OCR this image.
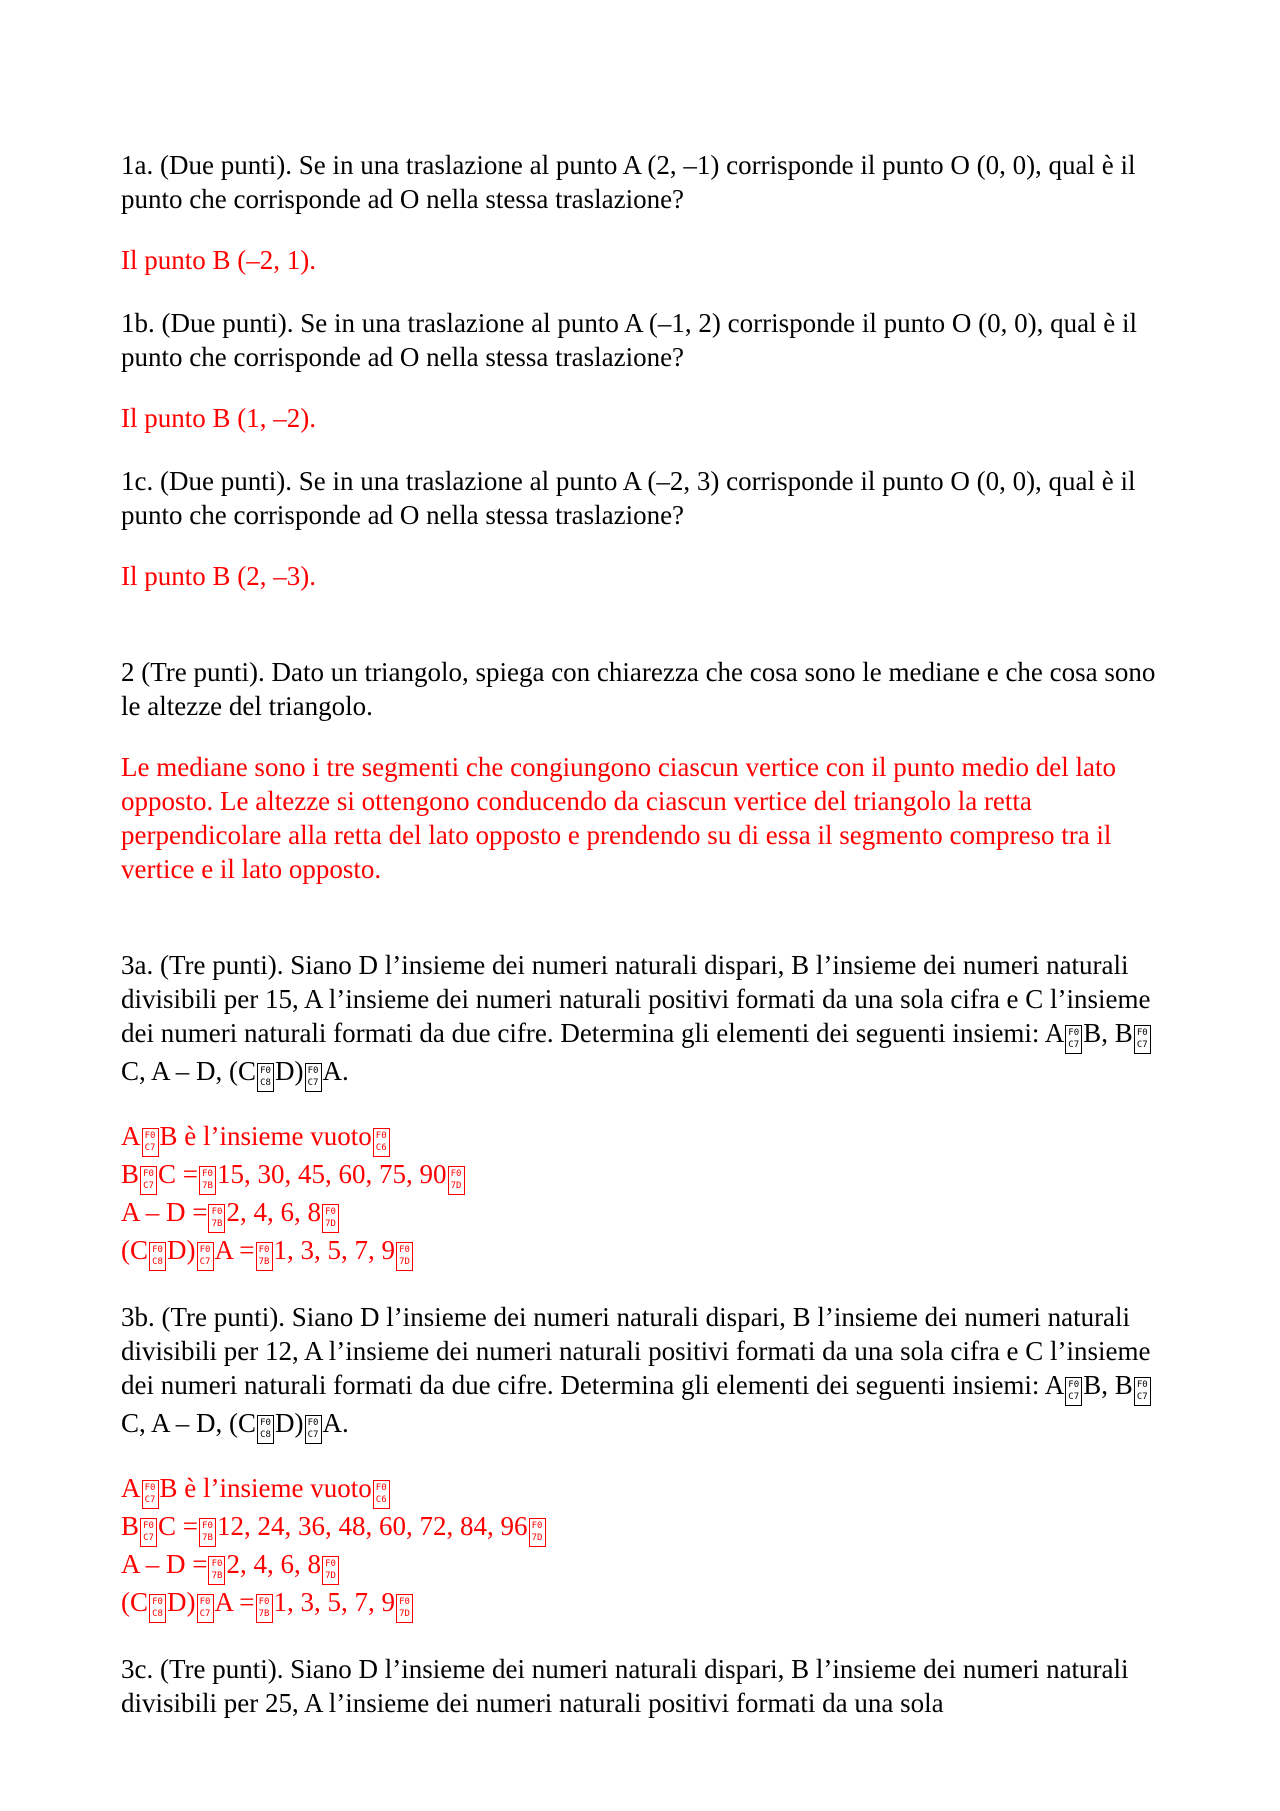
1a. (Due punti). Se in una traslazione al punto A (2, –1) corrisponde il punto O (0, 0), qual è il punto che corrisponde ad O nella stessa traslazione?

Il punto B (–2, 1).

1b. (Due punti). Se in una traslazione al punto A (–1, 2) corrisponde il punto O (0, 0), qual è il punto che corrisponde ad O nella stessa traslazione?

Il punto B (1, –2).

1c. (Due punti). Se in una traslazione al punto A (–2, 3) corrisponde il punto O (0, 0), qual è il punto che corrisponde ad O nella stessa traslazione?

Il punto B (2, –3).

2 (Tre punti). Dato un triangolo, spiega con chiarezza che cosa sono le mediane e che cosa sono le altezze del triangolo.

Le mediane sono i tre segmenti che congiungono ciascun vertice con il punto medio del lato opposto. Le altezze si ottengono conducendo da ciascun vertice del triangolo la retta perpendicolare alla retta del lato opposto e prendendo su di essa il segmento compreso tra il vertice e il lato opposto.

3a. (Tre punti). Siano D l’insieme dei numeri naturali dispari, B l’insieme dei numeri naturali divisibili per 15, A l’insieme dei numeri naturali positivi formati da una sola cifra e C l’insieme dei numeri naturali formati da due cifre. Determina gli elementi dei seguenti insiemi: A F0
C7 B, B F0
C7
C, A – D, (C F0
C8 D) F0
C7 A.

A F0
C7 B è l’insieme vuoto F0
C6

B F0
C7 C = F0
7B 15, 30, 45, 60, 75, 90 F0
7D

A – D = F0
7B 2, 4, 6, 8 F0
7D

(C F0
C8 D) F0
C7 A = F0
7B 1, 3, 5, 7, 9 F0
7D

3b. (Tre punti). Siano D l’insieme dei numeri naturali dispari, B l’insieme dei numeri naturali divisibili per 12, A l’insieme dei numeri naturali positivi formati da una sola cifra e C l’insieme dei numeri naturali formati da due cifre. Determina gli elementi dei seguenti insiemi: A F0
C7 B, B F0
C7
C, A – D, (C F0
C8 D) F0
C7 A.

A F0
C7 B è l’insieme vuoto F0
C6

B F0
C7 C = F0
7B 12, 24, 36, 48, 60, 72, 84, 96 F0
7D

A – D = F0
7B 2, 4, 6, 8 F0
7D

(C F0
C8 D) F0
C7 A = F0
7B 1, 3, 5, 7, 9 F0
7D

3c. (Tre punti). Siano D l’insieme dei numeri naturali dispari, B l’insieme dei numeri naturali divisibili per 25, A l’insieme dei numeri naturali positivi formati da una sola
